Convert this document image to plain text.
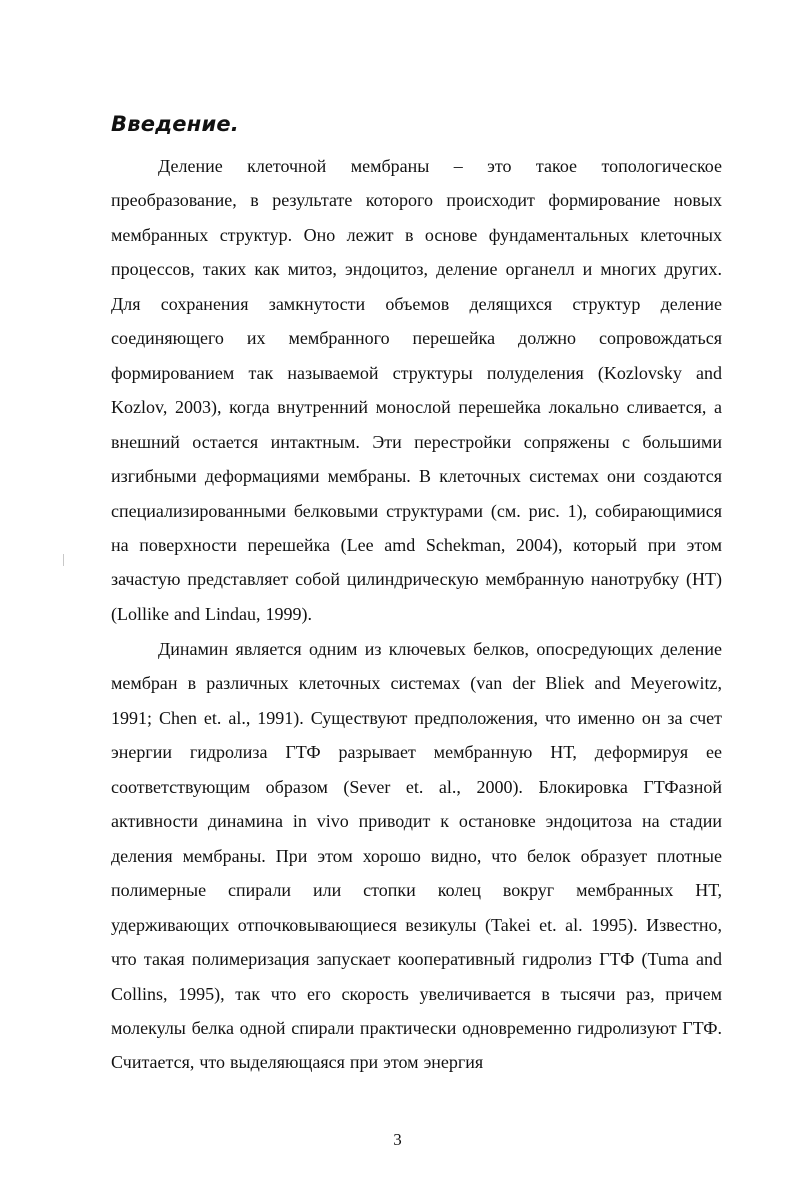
Введение.

Деление клеточной мембраны – это такое топологическое преобразование, в результате которого происходит формирование новых мембранных структур. Оно лежит в основе фундаментальных клеточных процессов, таких как митоз, эндоцитоз, деление органелл и многих других. Для сохранения замкнутости объемов делящихся структур деление соединяющего их мембранного перешейка должно сопровождаться формированием так называемой структуры полуделения (Kozlovsky and Kozlov, 2003), когда внутренний монослой перешейка локально сливается, а внешний остается интактным. Эти перестройки сопряжены с большими изгибными деформациями мембраны. В клеточных системах они создаются специализированными белковыми структурами (см. рис. 1), собирающимися на поверхности перешейка (Lee amd Schekman, 2004), который при этом зачастую представляет собой цилиндрическую мембранную нанотрубку (НТ) (Lollike and Lindau, 1999).

Динамин является одним из ключевых белков, опосредующих деление мембран в различных клеточных системах (van der Bliek and Meyerowitz, 1991; Chen et. al., 1991). Существуют предположения, что именно он за счет энергии гидролиза ГТФ разрывает мембранную НТ, деформируя ее соответствующим образом (Sever et. al., 2000). Блокировка ГТФазной активности динамина in vivo приводит к остановке эндоцитоза на стадии деления мембраны. При этом хорошо видно, что белок образует плотные полимерные спирали или стопки колец вокруг мембранных НТ, удерживающих отпочковывающиеся везикулы (Takei et. al. 1995). Известно, что такая полимеризация запускает кооперативный гидролиз ГТФ (Tuma and Collins, 1995), так что его скорость увеличивается в тысячи раз, причем молекулы белка одной спирали практически одновременно гидролизуют ГТФ. Считается, что выделяющаяся при этом энергия

3
